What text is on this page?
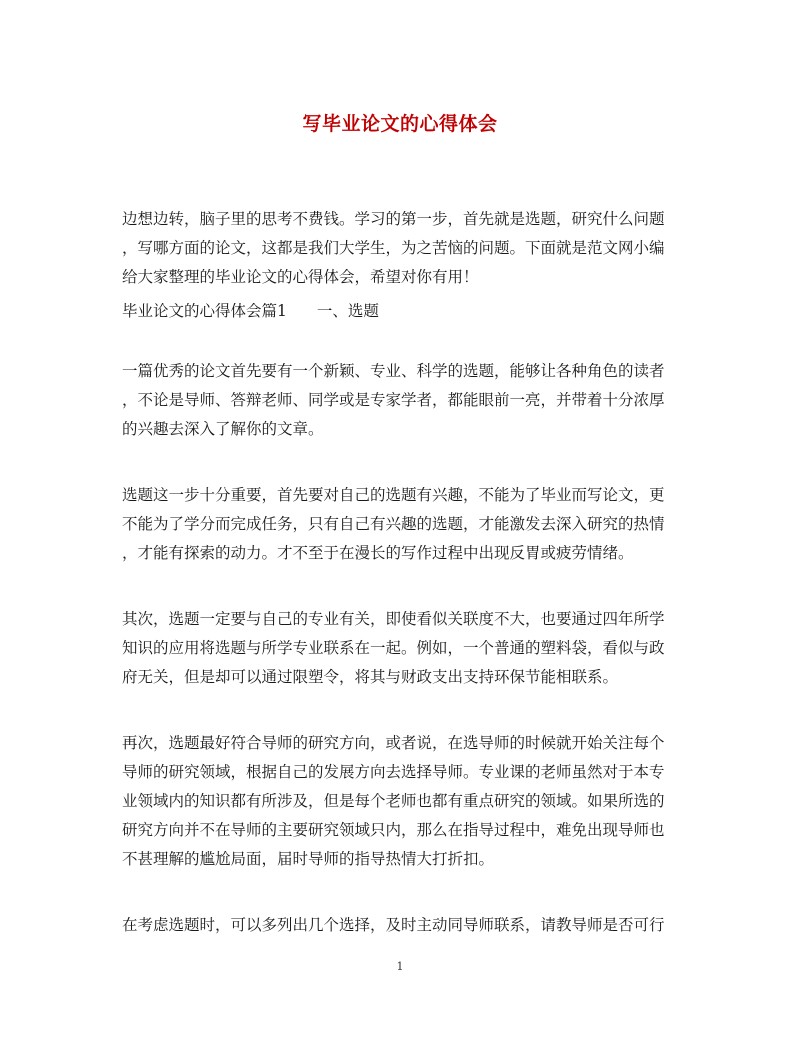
写毕业论文的心得体会

边想边转，脑子里的思考不费钱。学习的第一步，首先就是选题，研究什么问题
，写哪方面的论文，这都是我们大学生，为之苦恼的问题。下面就是范文网小编
给大家整理的毕业论文的心得体会，希望对你有用！

毕业论文的心得体会篇1 一、选题

一篇优秀的论文首先要有一个新颖、专业、科学的选题，能够让各种角色的读者
，不论是导师、答辩老师、同学或是专家学者，都能眼前一亮，并带着十分浓厚
的兴趣去深入了解你的文章。

选题这一步十分重要，首先要对自己的选题有兴趣，不能为了毕业而写论文，更
不能为了学分而完成任务，只有自己有兴趣的选题，才能激发去深入研究的热情
，才能有探索的动力。才不至于在漫长的写作过程中出现反胃或疲劳情绪。

其次，选题一定要与自己的专业有关，即使看似关联度不大，也要通过四年所学
知识的应用将选题与所学专业联系在一起。例如，一个普通的塑料袋，看似与政
府无关，但是却可以通过限塑令，将其与财政支出支持环保节能相联系。

再次，选题最好符合导师的研究方向，或者说，在选导师的时候就开始关注每个
导师的研究领域，根据自己的发展方向去选择导师。专业课的老师虽然对于本专
业领域内的知识都有所涉及，但是每个老师也都有重点研究的领域。如果所选的
研究方向并不在导师的主要研究领域只内，那么在指导过程中，难免出现导师也
不甚理解的尴尬局面，届时导师的指导热情大打折扣。

在考虑选题时，可以多列出几个选择，及时主动同导师联系，请教导师是否可行

1
